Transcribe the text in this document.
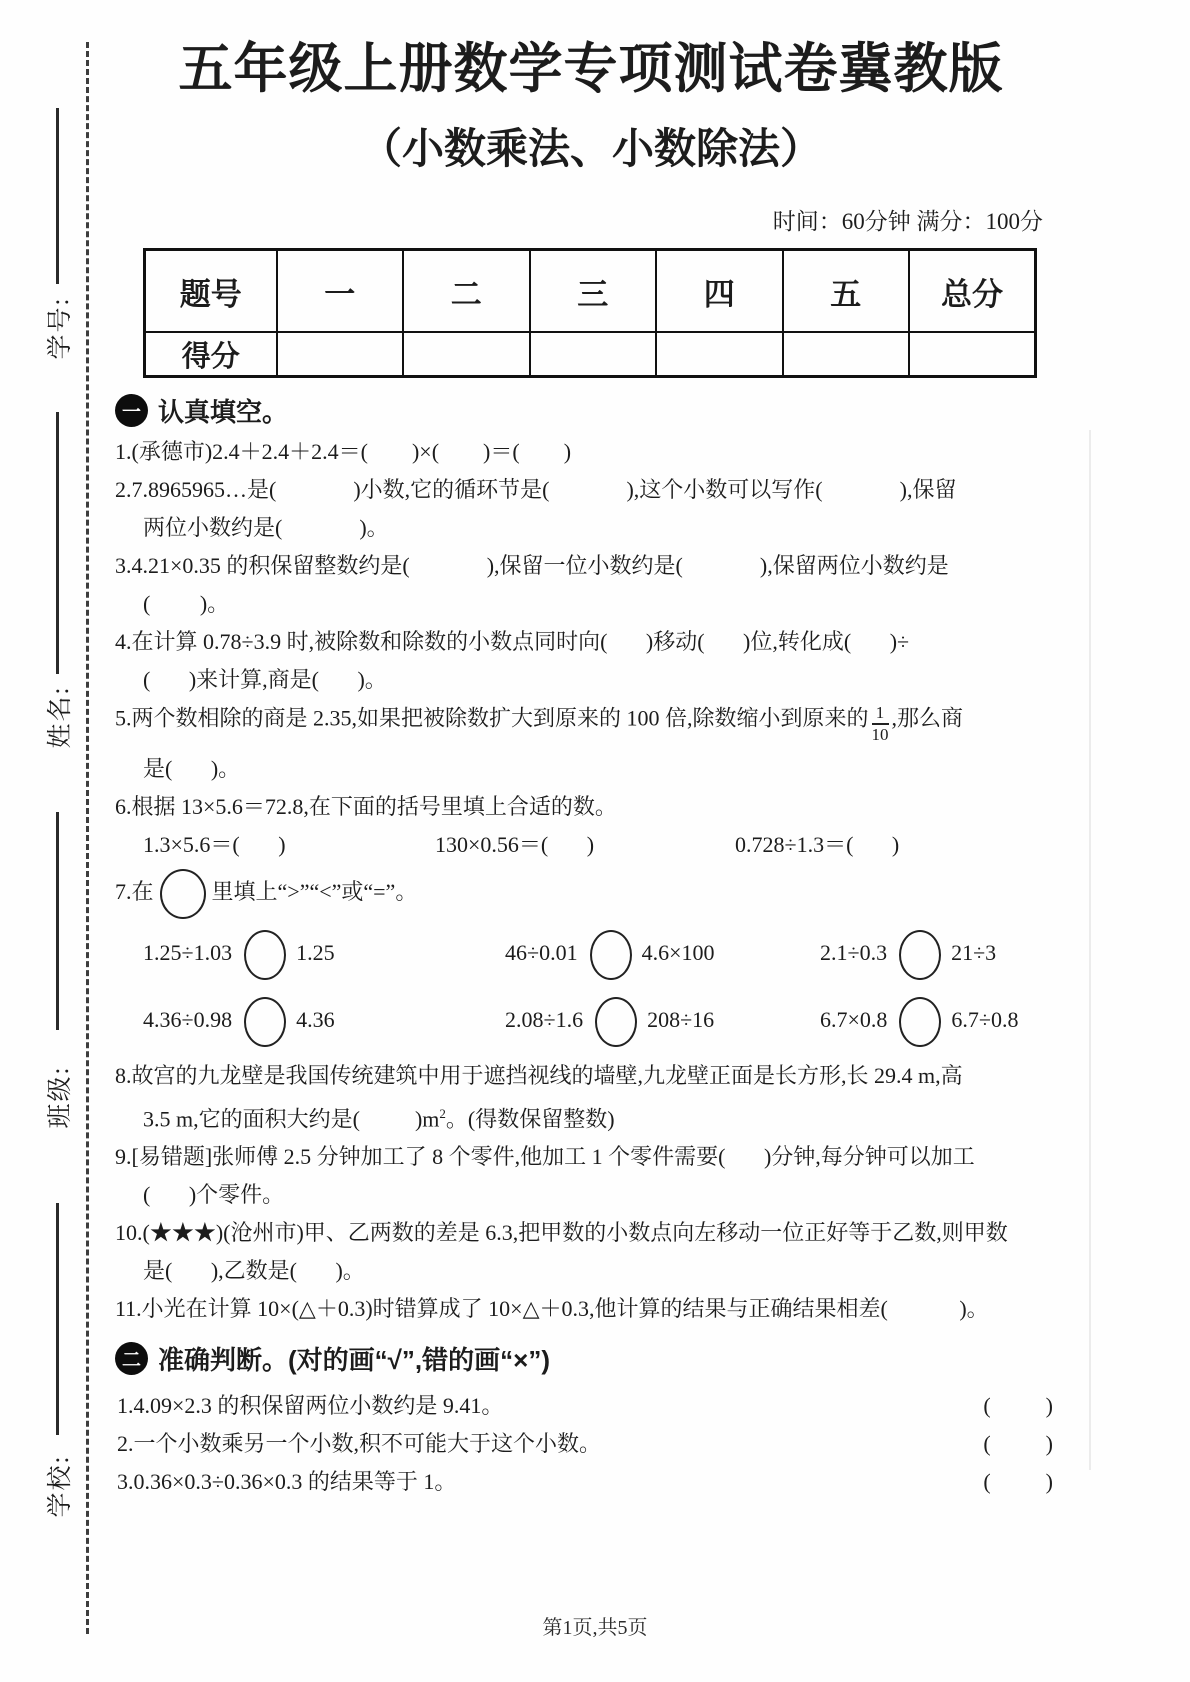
学号:
姓名:
班级:
学校:
五年级上册数学专项测试卷冀教版
（小数乘法、小数除法）
时间：60分钟 满分：100分
题号	一	二	三	四	五	总分
得分						
一 认真填空。
1.(承德市)2.4＋2.4＋2.4＝(        )×(        )＝(        )
2.7.8965965…是(              )小数,它的循环节是(              ),这个小数可以写作(              ),保留
两位小数约是(              )。
3.4.21×0.35 的积保留整数约是(              ),保留一位小数约是(              ),保留两位小数约是
(         )。
4.在计算 0.78÷3.9 时,被除数和除数的小数点同时向(       )移动(       )位,转化成(       )÷
(       )来计算,商是(       )。
5.两个数相除的商是 2.35,如果把被除数扩大到原来的 100 倍,除数缩小到原来的 $\frac{1}{10}$ ,那么商
是(       )。
6.根据 13×5.6＝72.8,在下面的括号里填上合适的数。
1.3×5.6＝(       )	130×0.56＝(       )	0.728÷1.3＝(       )
7.在	里填上“>”“<”或“=”。
1.25÷1.03	1.25	46÷0.01	4.6×100	2.1÷0.3	21÷3
4.36÷0.98	4.36	2.08÷1.6	208÷16	6.7×0.8	6.7÷0.8
8.故宫的九龙壁是我国传统建筑中用于遮挡视线的墙壁,九龙壁正面是长方形,长 29.4 m,高
3.5 m,它的面积大约是(          )$m^2$。(得数保留整数)
9.[易错题]张师傅 2.5 分钟加工了 8 个零件,他加工 1 个零件需要(       )分钟,每分钟可以加工
(       )个零件。
10.(★★★)(沧州市)甲、乙两数的差是 6.3,把甲数的小数点向左移动一位正好等于乙数,则甲数
是(       ),乙数是(       )。
11.小光在计算 10×(△＋0.3)时错算成了 10×△＋0.3,他计算的结果与正确结果相差(             )。
二 准确判断。(对的画“√”,错的画“×”)
1.4.09×2.3 的积保留两位小数约是 9.41。	(          )
2.一个小数乘另一个小数,积不可能大于这个小数。	(          )
3.0.36×0.3÷0.36×0.3 的结果等于 1。	(          )
第1页,共5页
